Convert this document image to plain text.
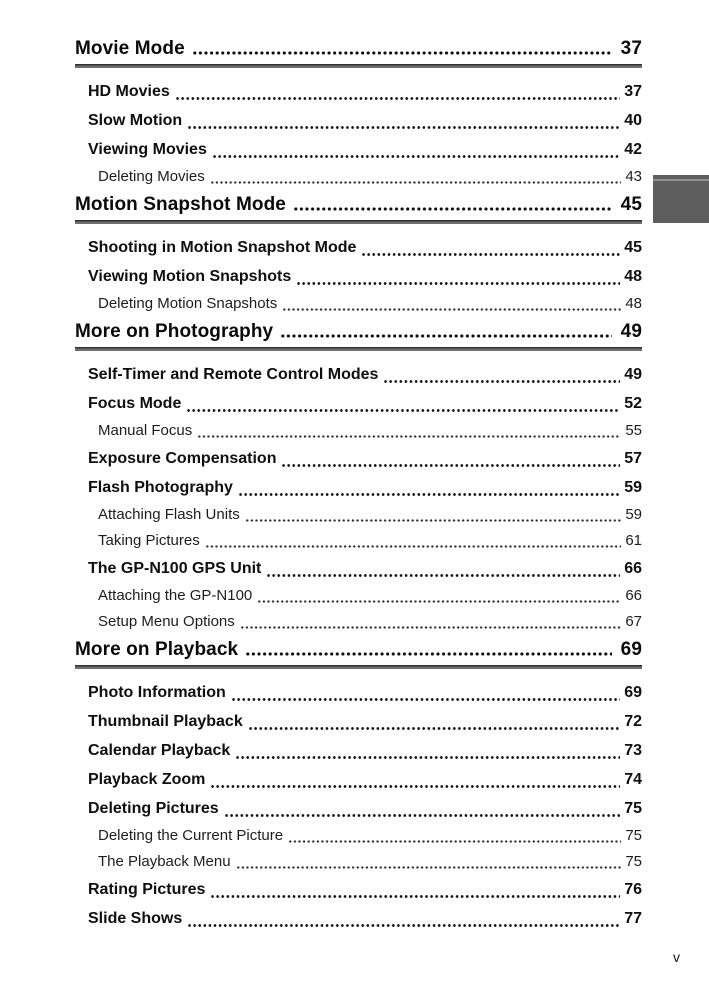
Movie Mode	37
HD Movies	37
Slow Motion	40
Viewing Movies	42
Deleting Movies	43
Motion Snapshot Mode	45
Shooting in Motion Snapshot Mode	45
Viewing Motion Snapshots	48
Deleting Motion Snapshots	48
More on Photography	49
Self-Timer and Remote Control Modes	49
Focus Mode	52
Manual Focus	55
Exposure Compensation	57
Flash Photography	59
Attaching Flash Units	59
Taking Pictures	61
The GP-N100 GPS Unit	66
Attaching the GP-N100	66
Setup Menu Options	67
More on Playback	69
Photo Information	69
Thumbnail Playback	72
Calendar Playback	73
Playback Zoom	74
Deleting Pictures	75
Deleting the Current Picture	75
The Playback Menu	75
Rating Pictures	76
Slide Shows	77
v
